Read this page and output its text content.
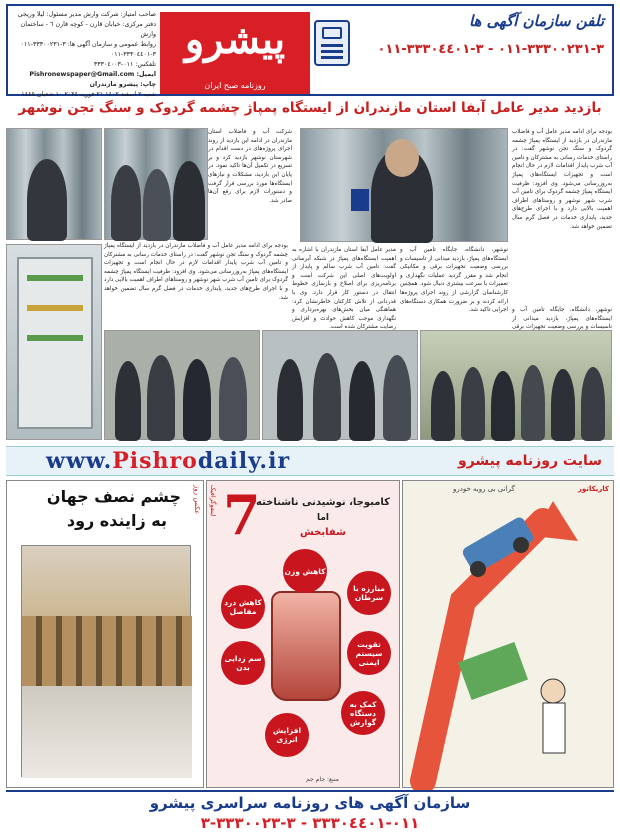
تلفن سازمان آگهی ها
٣-٣٣٣٠٠٢٣١-٠١١ - ٣-٣٣٣٠٤٤٠١-٠١١
پیشرو
روزنامه صبح ایران
صاحب امتیاز: شرکت وارش مدیر مسئول: لیلا وریجی
دفتر مرکزی: خیابان قارن - کوچه قارن ٦ - ساختمان وارش
روابط عمومی و سازمان آگهی ها: ٣-٣٣٣٠٠٢٣١-٠١١
٣-٣٣٣٠٤٤٠١-٠١١
تلفکس: ٠١١-٣٣٣٠٤٠٠٣
ایمیل: Pishronewspaper@Gmail.com چاپ: پیشرو مازندران
شنبه ٢ اسفند ١٤٠٢ ٢١ فوریه ٢٠٢٤ ١٠ شعبان ١٤٤٥
بازدید مدیر عامل آبفا استان مازندران از ایستگاه پمپاژ چشمه گردوک و سنگ تجن نوشهر
بودجه برای ادامه مدیر عامل آب و فاضلاب مازندران در بازدید از ایستگاه پمپاژ چشمه گردوک و سنگ تجن نوشهر گفت: در راستای خدمات رسانی به مشترکان و تامین آب شرب پایدار اقدامات لازم در حال انجام است و تجهیزات ایستگاه‌های پمپاژ به‌روزرسانی می‌شود. وی افزود: ظرفیت ایستگاه پمپاژ چشمه گردوک برای تامین آب شرب شهر نوشهر و روستاهای اطراف اهمیت بالایی دارد و با اجرای طرح‌های جدید، پایداری خدمات در فصل گرم سال تضمین خواهد شد.
نوشهر، دانشگاه، جایگاه تامین آب و ایستگاه‌های پمپاژ، بازدید میدانی از تاسیسات و بررسی وضعیت تجهیزات برقی و مکانیکی انجام شد و مقرر گردید عملیات نگهداری و تعمیرات با سرعت بیشتری دنبال شود. همچنین کارشناسان گزارشی از روند اجرای پروژه‌ها ارائه کردند و بر ضرورت همکاری دستگاه‌های اجرایی تاکید شد.
مدیر عامل آبفا استان مازندران با اشاره به اهمیت ایستگاه‌های پمپاژ در شبکه آبرسانی گفت: تامین آب شرب سالم و پایدار از اولویت‌های اصلی این شرکت است و برنامه‌ریزی برای اصلاح و بازسازی خطوط انتقال در دستور کار قرار دارد. وی با قدردانی از تلاش کارکنان خاطرنشان کرد: هماهنگی میان بخش‌های بهره‌برداری و نگهداری موجب کاهش حوادث و افزایش رضایت مشترکان شده است.
شرکت آب و فاضلاب استان مازندران در ادامه این بازدید از روند اجرای پروژه‌های در دست اقدام در شهرستان نوشهر بازدید کرد و بر تسریع در تکمیل آن‌ها تاکید نمود. در پایان این بازدید، مشکلات و نیازهای ایستگاه‌ها مورد بررسی قرار گرفت و دستورات لازم برای رفع آن‌ها صادر شد.
بودجه برای ادامه مدیر عامل آب و فاضلاب مازندران در بازدید از ایستگاه پمپاژ چشمه گردوک و سنگ تجن نوشهر گفت: در راستای خدمات رسانی به مشترکان و تامین آب شرب پایدار اقدامات لازم در حال انجام است و تجهیزات ایستگاه‌های پمپاژ به‌روزرسانی می‌شود. وی افزود: ظرفیت ایستگاه پمپاژ چشمه گردوک برای تامین آب شرب شهر نوشهر و روستاهای اطراف اهمیت بالایی دارد و با اجرای طرح‌های جدید، پایداری خدمات در فصل گرم سال تضمین خواهد شد.
نوشهر، دانشگاه، جایگاه تامین آب و ایستگاه‌های پمپاژ، بازدید میدانی از تاسیسات و بررسی وضعیت تجهیزات برقی
www.Pishrodaily.ir	سایت روزنامه پیشرو
کاریکاتور
گرانی بی رویه خودرو
اینفوگرافیک 7
کامبوجا، نوشیدنی ناشناخته
اما
شفابخش
کاهش وزن
مبارزه با سرطان
کاهش درد مفاصل
تقویت سیستم ایمنی
سم زدایی بدن
کمک به دستگاه گوارش
افزایش انرژی
منبع: جام جم
چشم نصف جهان
به زاینده رود
عکس روز
سازمان آگهی های روزنامه سراسری پیشرو
٠١١-٣٣٣٠٤٤٠١ - ٣-٣٣٣٠٠٢٣-٣
